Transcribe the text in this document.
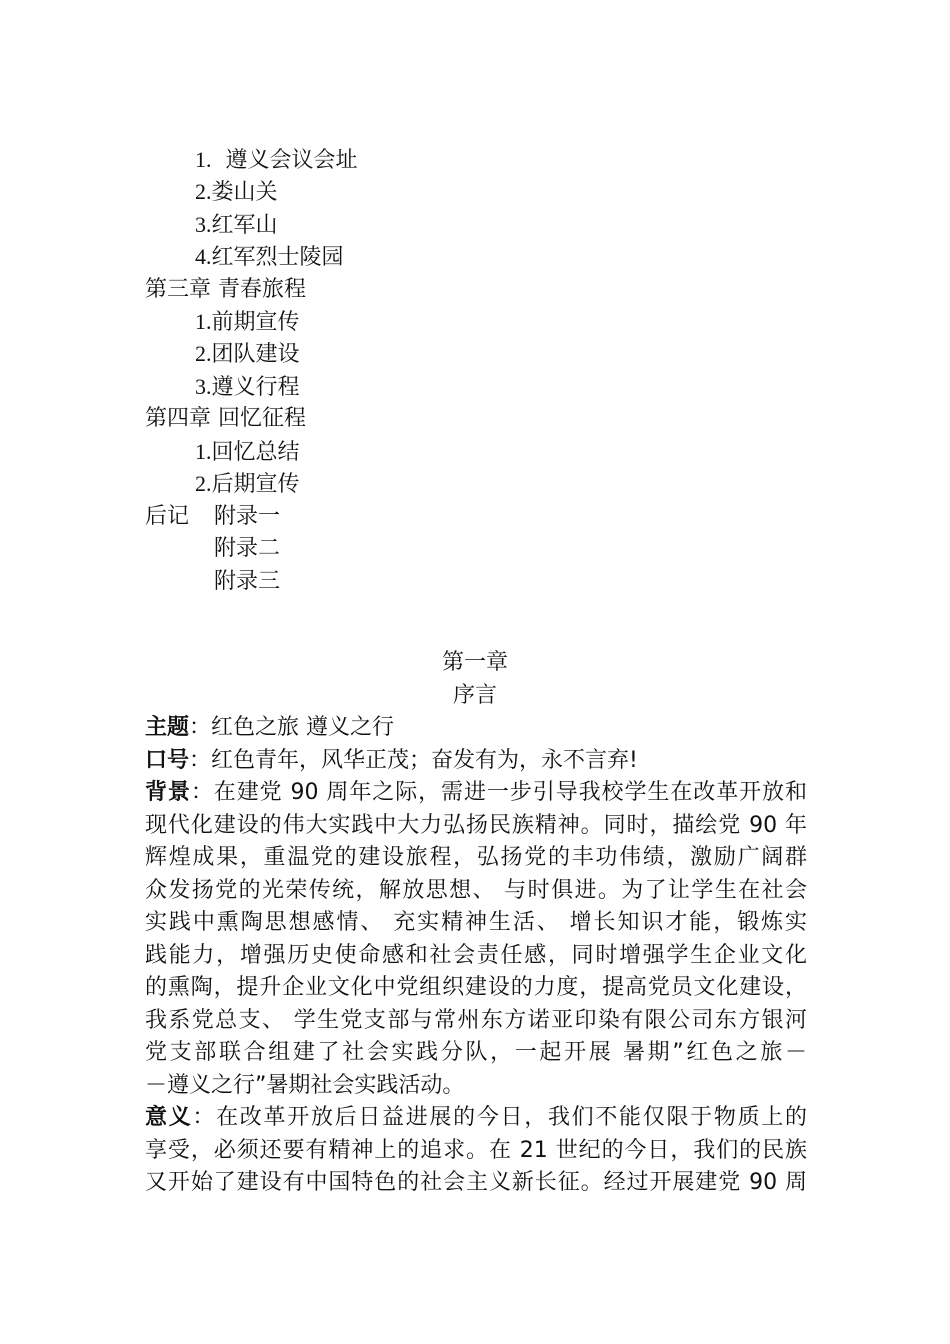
1. 遵义会议会址
2.娄山关
3.红军山
4.红军烈士陵园
第三章 青春旅程
1.前期宣传
2.团队建设
3.遵义行程
第四章 回忆征程
1.回忆总结
2.后期宣传
后记 附录一
附录二
附录三
第一章
序言
主题：红色之旅 遵义之行
口号：红色青年，风华正茂；奋发有为，永不言弃!
背景：在建党 90 周年之际，需进一步引导我校学生在改革开放和
现代化建设的伟大实践中大力弘扬民族精神。同时，描绘党 90 年
辉煌成果，重温党的建设旅程，弘扬党的丰功伟绩，激励广阔群
众发扬党的光荣传统，解放思想、 与时俱进。为了让学生在社会
实践中熏陶思想感情、 充实精神生活、 增长知识才能，锻炼实
践能力，增强历史使命感和社会责任感，同时增强学生企业文化
的熏陶，提升企业文化中党组织建设的力度，提高党员文化建设，
我系党总支、 学生党支部与常州东方诺亚印染有限公司东方银河
党支部联合组建了社会实践分队，一起开展 暑期”红色之旅－
－遵义之行”暑期社会实践活动。
意义：在改革开放后日益进展的今日，我们不能仅限于物质上的
享受，必须还要有精神上的追求。在 21 世纪的今日，我们的民族
又开始了建设有中国特色的社会主义新长征。经过开展建党 90 周
